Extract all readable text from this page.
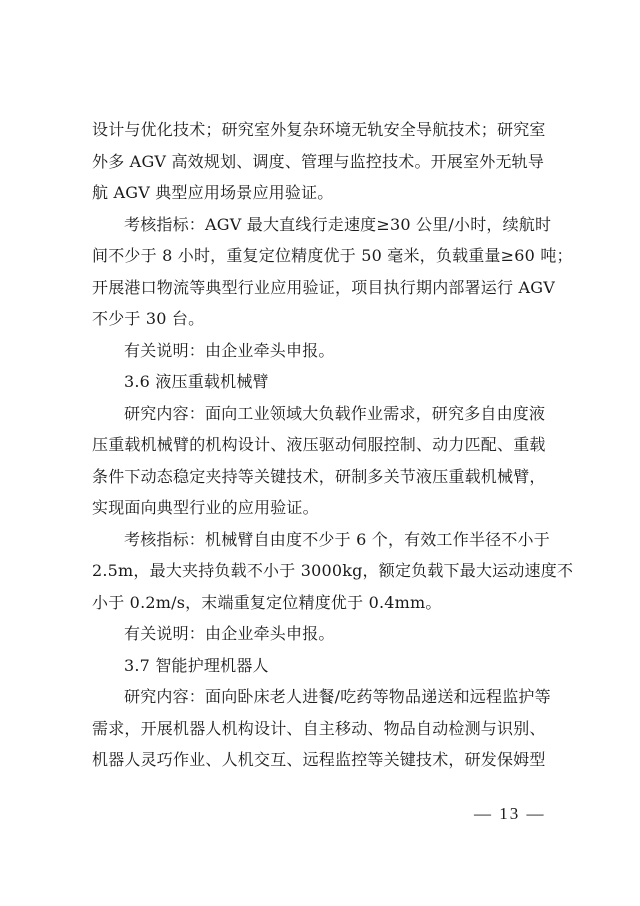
设计与优化技术；研究室外复杂环境无轨安全导航技术；研究室
外多 AGV 高效规划、调度、管理与监控技术。开展室外无轨导
航 AGV 典型应用场景应用验证。
考核指标：AGV 最大直线行走速度≥30 公里/小时，续航时
间不少于 8 小时，重复定位精度优于 50 毫米，负载重量≥60 吨；
开展港口物流等典型行业应用验证，项目执行期内部署运行 AGV
不少于 30 台。
有关说明：由企业牵头申报。
3.6 液压重载机械臂
研究内容：面向工业领域大负载作业需求，研究多自由度液
压重载机械臂的机构设计、液压驱动伺服控制、动力匹配、重载
条件下动态稳定夹持等关键技术，研制多关节液压重载机械臂，
实现面向典型行业的应用验证。
考核指标：机械臂自由度不少于 6 个，有效工作半径不小于
2.5m，最大夹持负载不小于 3000kg，额定负载下最大运动速度不
小于 0.2m/s，末端重复定位精度优于 0.4mm。
有关说明：由企业牵头申报。
3.7 智能护理机器人
研究内容：面向卧床老人进餐/吃药等物品递送和远程监护等
需求，开展机器人机构设计、自主移动、物品自动检测与识别、
机器人灵巧作业、人机交互、远程监控等关键技术，研发保姆型
— 13 —
